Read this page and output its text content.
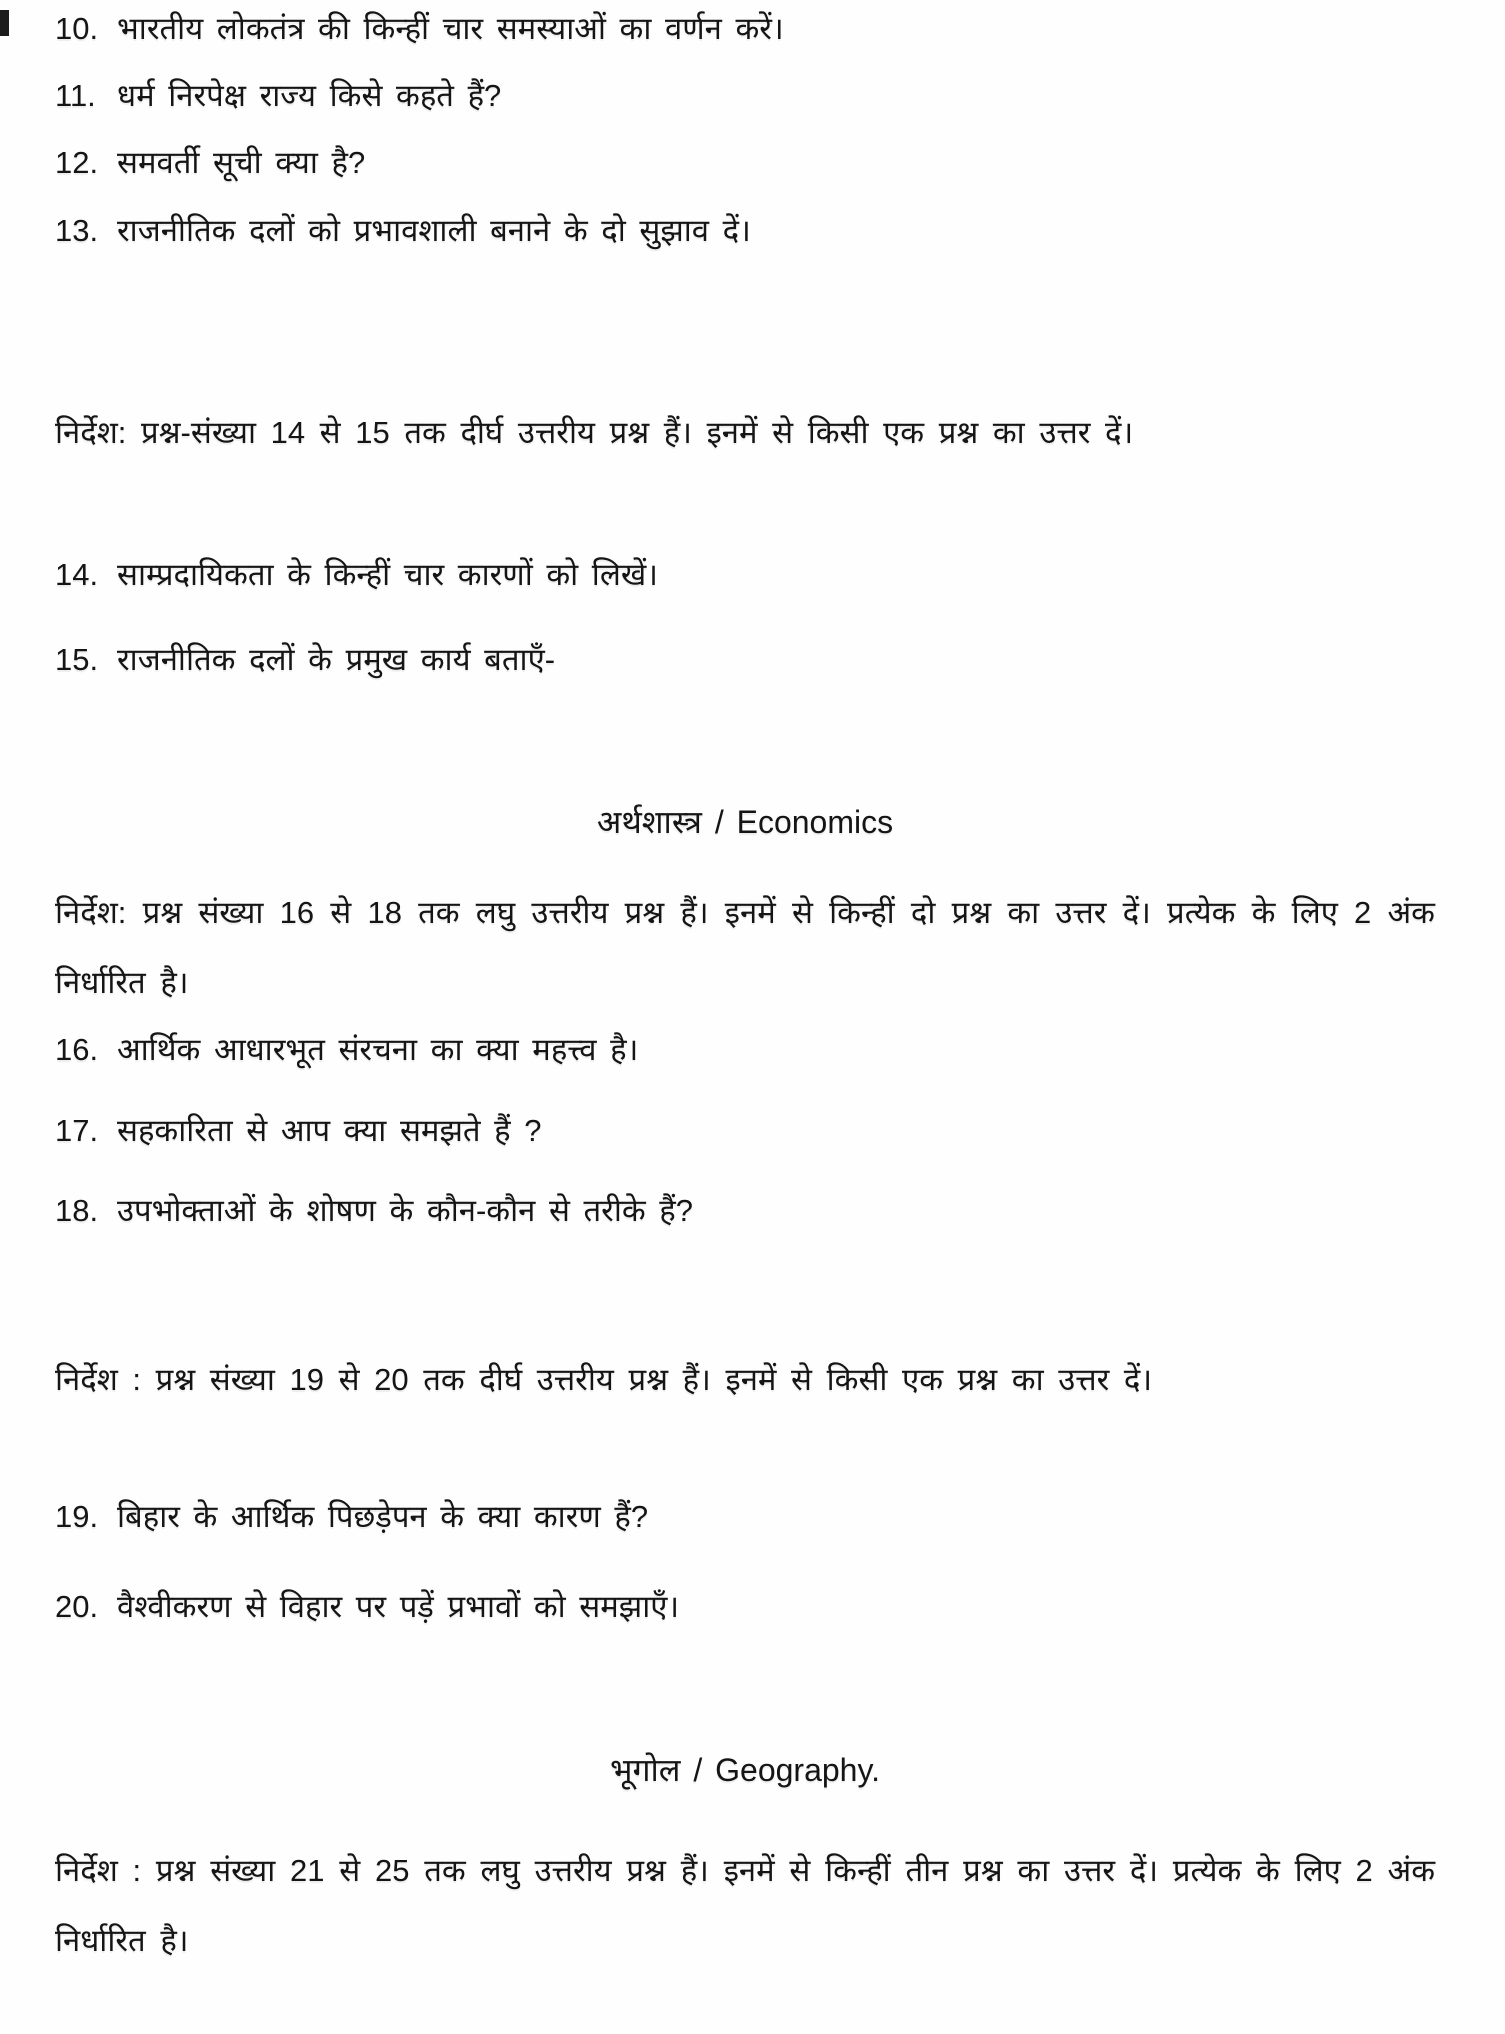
10. भारतीय लोकतंत्र की किन्हीं चार समस्याओं का वर्णन करें।
11. धर्म निरपेक्ष राज्य किसे कहते हैं?
12. समवर्ती सूची क्या है?
13. राजनीतिक दलों को प्रभावशाली बनाने के दो सुझाव दें।

निर्देश: प्रश्न-संख्या 14 से 15 तक दीर्घ उत्तरीय प्रश्न हैं। इनमें से किसी एक प्रश्न का उत्तर दें।

14. साम्प्रदायिकता के किन्हीं चार कारणों को लिखें।
15. राजनीतिक दलों के प्रमुख कार्य बताएँ-
अर्थशास्त्र / Economics

निर्देश: प्रश्न संख्या 16 से 18 तक लघु उत्तरीय प्रश्न हैं। इनमें से किन्हीं दो प्रश्न का उत्तर दें। प्रत्येक के लिए 2 अंक निर्धारित है।

16. आर्थिक आधारभूत संरचना का क्या महत्त्व है।
17. सहकारिता से आप क्या समझते हैं ?
18. उपभोक्ताओं के शोषण के कौन-कौन से तरीके हैं?

निर्देश : प्रश्न संख्या 19 से 20 तक दीर्घ उत्तरीय प्रश्न हैं। इनमें से किसी एक प्रश्न का उत्तर दें।

19. बिहार के आर्थिक पिछड़ेपन के क्या कारण हैं?
20. वैश्वीकरण से विहार पर पड़ें प्रभावों को समझाएँ।
भूगोल / Geography.

निर्देश : प्रश्न संख्या 21 से 25 तक लघु उत्तरीय प्रश्न हैं। इनमें से किन्हीं तीन प्रश्न का उत्तर दें। प्रत्येक के लिए 2 अंक निर्धारित है।
